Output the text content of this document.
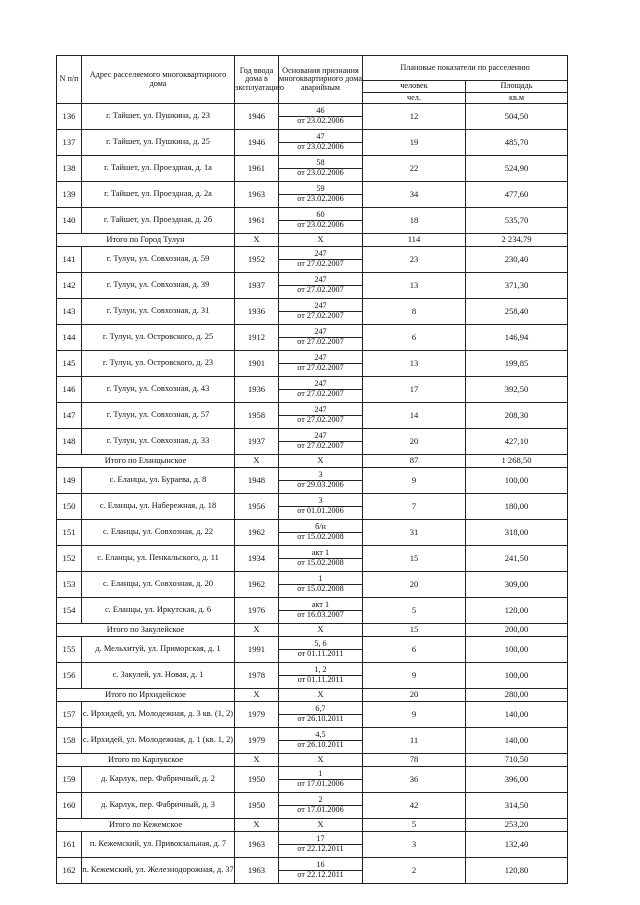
N п/п	Адрес расселяемого многоквартирного дома	Год ввода дома в эксплуатацию	Основания признания многоквартирного дома аварийным	Плановые показатели по расселению	
				человек	Площадь
				чел.	кв.м
136	г. Тайшет, ул. Пушкина, д. 23	1946	46
от 23.02.2006	12	504,50
137	г. Тайшет, ул. Пушкина, д. 25	1946	47
от 23.02.2006	19	485,70
138	г. Тайшет, ул. Проездная, д. 1а	1961	58
от 23.02.2006	22	524,90
139	г. Тайшет, ул. Проездная, д. 2а	1963	59
от 23.02.2006	34	477,60
140	г. Тайшет, ул. Проездная, д. 2б	1961	60
от 23.02.2006	18	535,70
Итого по Город Тулун		X	X	114	2 234,79
141	г. Тулун, ул. Совхозная, д. 59	1952	247
от 27.02.2007	23	230,40
142	г. Тулун, ул. Совхозная, д. 39	1937	247
от 27.02.2007	13	371,30
143	г. Тулун, ул. Совхозная, д. 31	1936	247
от 27.02.2007	8	258,40
144	г. Тулун, ул. Островского, д. 25	1912	247
от 27.02.2007	6	146,94
145	г. Тулун, ул. Островского, д. 23	1901	247
от 27.02.2007	13	199,85
146	г. Тулун, ул. Совхозная, д. 43	1936	247
от 27.02.2007	17	392,50
147	г. Тулун, ул. Совхозная, д. 57	1958	247
от 27.02.2007	14	208,30
148	г. Тулун, ул. Совхозная, д. 33	1937	247
от 27.02.2007	20	427,10
Итого по Еланцынское		X	X	87	1 268,50
149	с. Еланцы, ул. Бураева, д. 8	1948	3
от 29.03.2006	9	100,00
150	с. Еланцы, ул. Набережная, д. 18	1956	3
от 01.01.2006	7	180,00
151	с. Еланцы, ул. Совхозная, д. 22	1962	б/н
от 15.02.2008	31	318,00
152	с. Еланцы, ул. Пенкальского, д. 11	1934	акт 1
от 15.02.2008	15	241,50
153	с. Еланцы, ул. Совхозная, д. 20	1962	1
от 15.02.2008	20	309,00
154	с. Еланцы, ул. Иркутская, д. 6	1976	акт 1
от 16.03.2007	5	120,00
Итого по Закулейское		X	X	15	200,00
155	д. Мельхитуй, ул. Приморская, д. 1	1991	5, 6
от 01.11.2011	6	100,00
156	с. Закулей, ул. Новая, д. 1	1978	1, 2
от 01.11.2011	9	100,00
Итого по Ирхидейское		X	X	20	280,00
157	с. Ирхидей, ул. Молодежная, д. 3 кв. (1, 2)	1979	6,7
от 26.10.2011	9	140,00
158	с. Ирхидей, ул. Молодежная, д. 1 (кв. 1, 2)	1979	4,5
от 26.10.2011	11	140,00
Итого по Карлукское		X	X	78	710,50
159	д. Карлук, пер. Фабричный, д. 2	1950	1
от 17.01.2006	36	396,00
160	д. Карлук, пер. Фабричный, д. 3	1950	2
от 17.01.2006	42	314,50
Итого по Кежемское		X	X	5	253,20
161	п. Кежемский, ул. Привокзальная, д. 7	1963	17
от 22.12.2011	3	132,40
162	п. Кежемский, ул. Железнодорожная, д. 37	1963	16
от 22.12.2011	2	120,80
